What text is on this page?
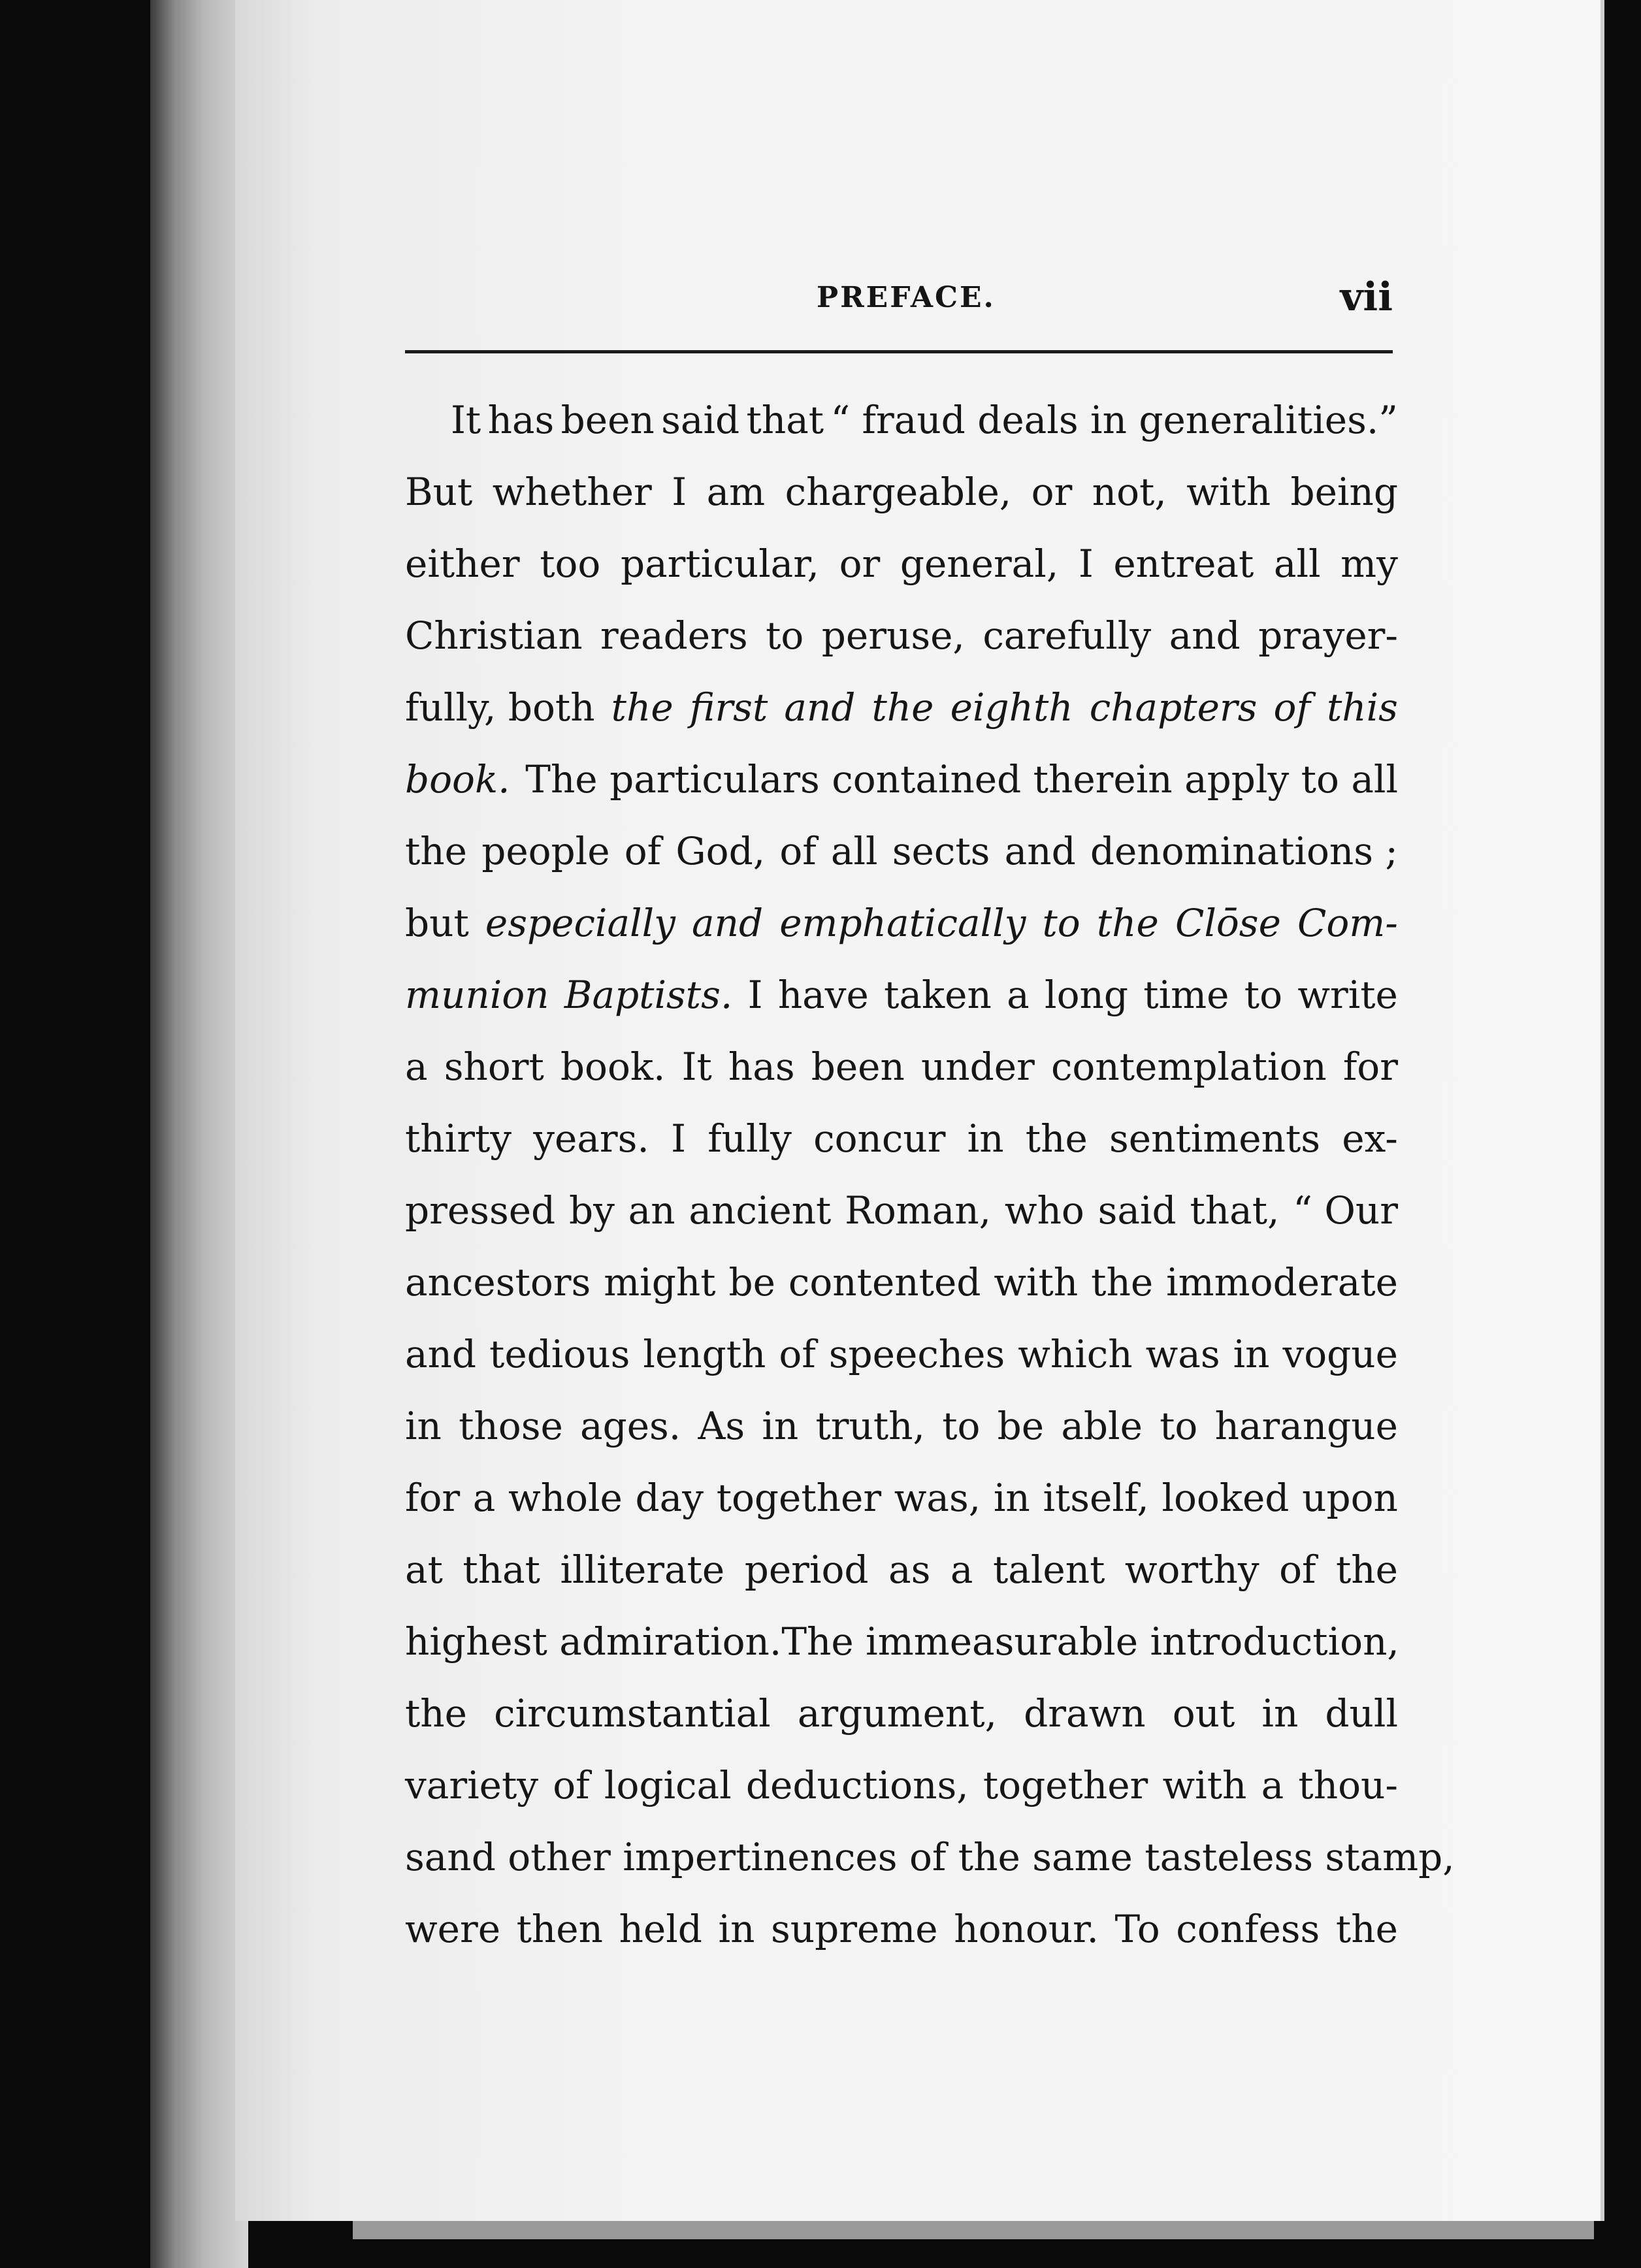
PREFACE.	vii
It has been said that “ fraud deals in generalities.”
But whether I am chargeable, or not, with being
either too particular, or general, I entreat all my
Christian readers to peruse, carefully and prayer-
fully, both the first and the eighth chapters of this
book. The particulars contained therein apply to all
the people of God, of all sects and denominations ;
but especially and emphatically to the Clōse Com-
munion Baptists. I have taken a long time to write
a short book. It has been under contemplation for
thirty years. I fully concur in the sentiments ex-
pressed by an ancient Roman, who said that, “ Our
ancestors might be contented with the immoderate
and tedious length of speeches which was in vogue
in those ages. As in truth, to be able to harangue
for a whole day together was, in itself, looked upon
at that illiterate period as a talent worthy of the
highest admiration. The immeasurable introduction,
the circumstantial argument, drawn out in dull
variety of logical deductions, together with a thou-
sand other impertinences of the same tasteless stamp,
were then held in supreme honour. To confess the
